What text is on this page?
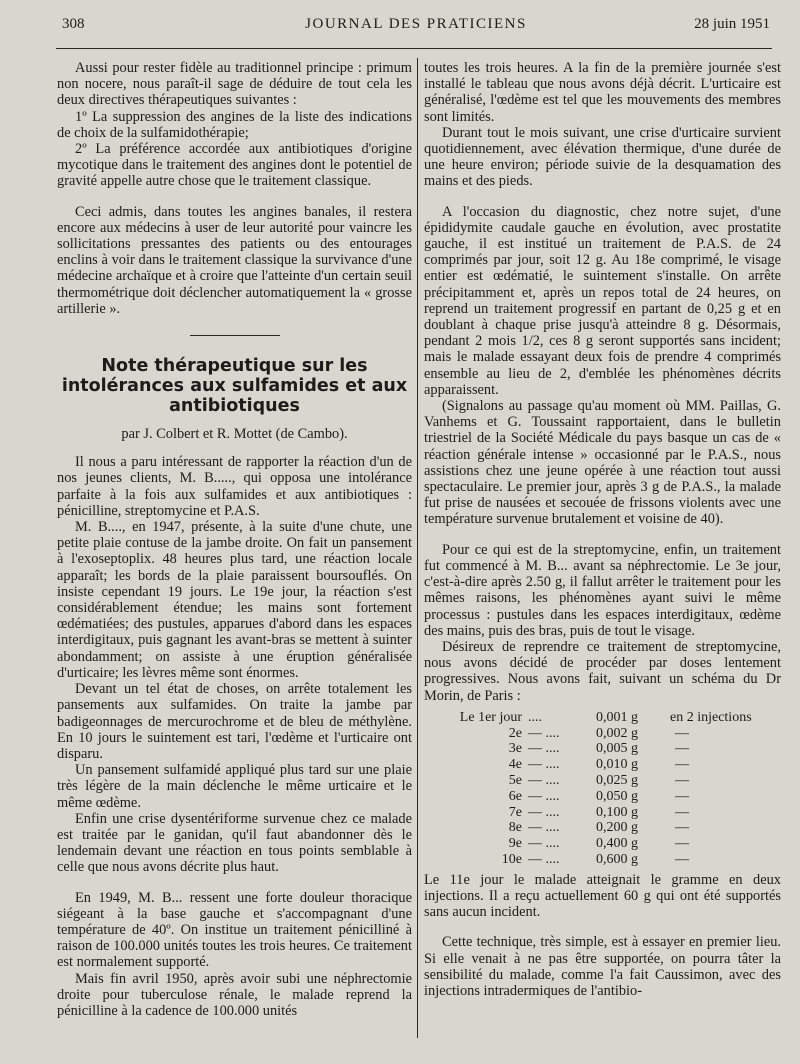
308	JOURNAL DES PRATICIENS	28 juin 1951

Aussi pour rester fidèle au traditionnel principe : primum non nocere, nous paraît-il sage de déduire de tout cela les deux directives thérapeutiques suivantes :

1º La suppression des angines de la liste des indications de choix de la sulfamidothérapie;

2º La préférence accordée aux antibiotiques d'origine mycotique dans le traitement des angines dont le potentiel de gravité appelle autre chose que le traitement classique.

Ceci admis, dans toutes les angines banales, il restera encore aux médecins à user de leur autorité pour vaincre les sollicitations pressantes des patients ou des entourages enclins à voir dans le traitement classique la survivance d'une médecine archaïque et à croire que l'atteinte d'un certain seuil thermométrique doit déclencher automatiquement la « grosse artillerie ».

Note thérapeutique sur les intolérances aux sulfamides et aux antibiotiques

par J. Colbert et R. Mottet (de Cambo).

Il nous a paru intéressant de rapporter la réaction d'un de nos jeunes clients, M. B....., qui opposa une intolérance parfaite à la fois aux sulfamides et aux antibiotiques : pénicilline, streptomycine et P.A.S.

M. B...., en 1947, présente, à la suite d'une chute, une petite plaie contuse de la jambe droite. On fait un pansement à l'exoseptoplix. 48 heures plus tard, une réaction locale apparaît; les bords de la plaie paraissent boursouflés. On insiste cependant 19 jours. Le 19e jour, la réaction s'est considérablement étendue; les mains sont fortement œdématiées; des pustules, apparues d'abord dans les espaces interdigitaux, puis gagnant les avant-bras se mettent à suinter abondamment; on assiste à une éruption généralisée d'urticaire; les lèvres même sont énormes.

Devant un tel état de choses, on arrête totalement les pansements aux sulfamides. On traite la jambe par badigeonnages de mercurochrome et de bleu de méthylène. En 10 jours le suintement est tari, l'œdème et l'urticaire ont disparu.

Un pansement sulfamidé appliqué plus tard sur une plaie très légère de la main déclenche le même urticaire et le même œdème.

Enfin une crise dysentériforme survenue chez ce malade est traitée par le ganidan, qu'il faut abandonner dès le lendemain devant une réaction en tous points semblable à celle que nous avons décrite plus haut.

En 1949, M. B... ressent une forte douleur thoracique siégeant à la base gauche et s'accompagnant d'une température de 40º. On institue un traitement pénicilliné à raison de 100.000 unités toutes les trois heures. Ce traitement est normalement supporté.

Mais fin avril 1950, après avoir subi une néphrectomie droite pour tuberculose rénale, le malade reprend la pénicilline à la cadence de 100.000 unités

toutes les trois heures. A la fin de la première journée s'est installé le tableau que nous avons déjà décrit. L'urticaire est généralisé, l'œdème est tel que les mouvements des membres sont limités.

Durant tout le mois suivant, une crise d'urticaire survient quotidiennement, avec élévation thermique, d'une durée de une heure environ; période suivie de la desquamation des mains et des pieds.

A l'occasion du diagnostic, chez notre sujet, d'une épididymite caudale gauche en évolution, avec prostatite gauche, il est institué un traitement de P.A.S. de 24 comprimés par jour, soit 12 g. Au 18e comprimé, le visage entier est œdématié, le suintement s'installe. On arrête précipitamment et, après un repos total de 24 heures, on reprend un traitement progressif en partant de 0,25 g et en doublant à chaque prise jusqu'à atteindre 8 g. Désormais, pendant 2 mois 1/2, ces 8 g seront supportés sans incident; mais le malade essayant deux fois de prendre 4 comprimés ensemble au lieu de 2, d'emblée les phénomènes décrits apparaissent.

(Signalons au passage qu'au moment où MM. Paillas, G. Vanhems et G. Toussaint rapportaient, dans le bulletin triestriel de la Société Médicale du pays basque un cas de « réaction générale intense » occasionné par le P.A.S., nous assistions chez une jeune opérée à une réaction tout aussi spectaculaire. Le premier jour, après 3 g de P.A.S., la malade fut prise de nausées et secouée de frissons violents avec une température survenue brutalement et voisine de 40).

Pour ce qui est de la streptomycine, enfin, un traitement fut commencé à M. B... avant sa néphrectomie. Le 3e jour, c'est-à-dire après 2.50 g, il fallut arrêter le traitement pour les mêmes raisons, les phénomènes ayant suivi le même processus : pustules dans les espaces interdigitaux, œdème des mains, puis des bras, puis de tout le visage.

Désireux de reprendre ce traitement de streptomycine, nous avons décidé de procéder par doses lentement progressives. Nous avons fait, suivant un schéma du Dr Morin, de Paris :

Le 1er jour ....	0,001 g	en 2 injections
2e — ....	0,002 g	—
3e — ....	0,005 g	—
4e — ....	0,010 g	—
5e — ....	0,025 g	—
6e — ....	0,050 g	—
7e — ....	0,100 g	—
8e — ....	0,200 g	—
9e — ....	0,400 g	—
10e — ....	0,600 g	—

Le 11e jour le malade atteignait le gramme en deux injections. Il a reçu actuellement 60 g qui ont été supportés sans aucun incident.

Cette technique, très simple, est à essayer en premier lieu. Si elle venait à ne pas être supportée, on pourra tâter la sensibilité du malade, comme l'a fait Caussimon, avec des injections intradermiques de l'antibio-
